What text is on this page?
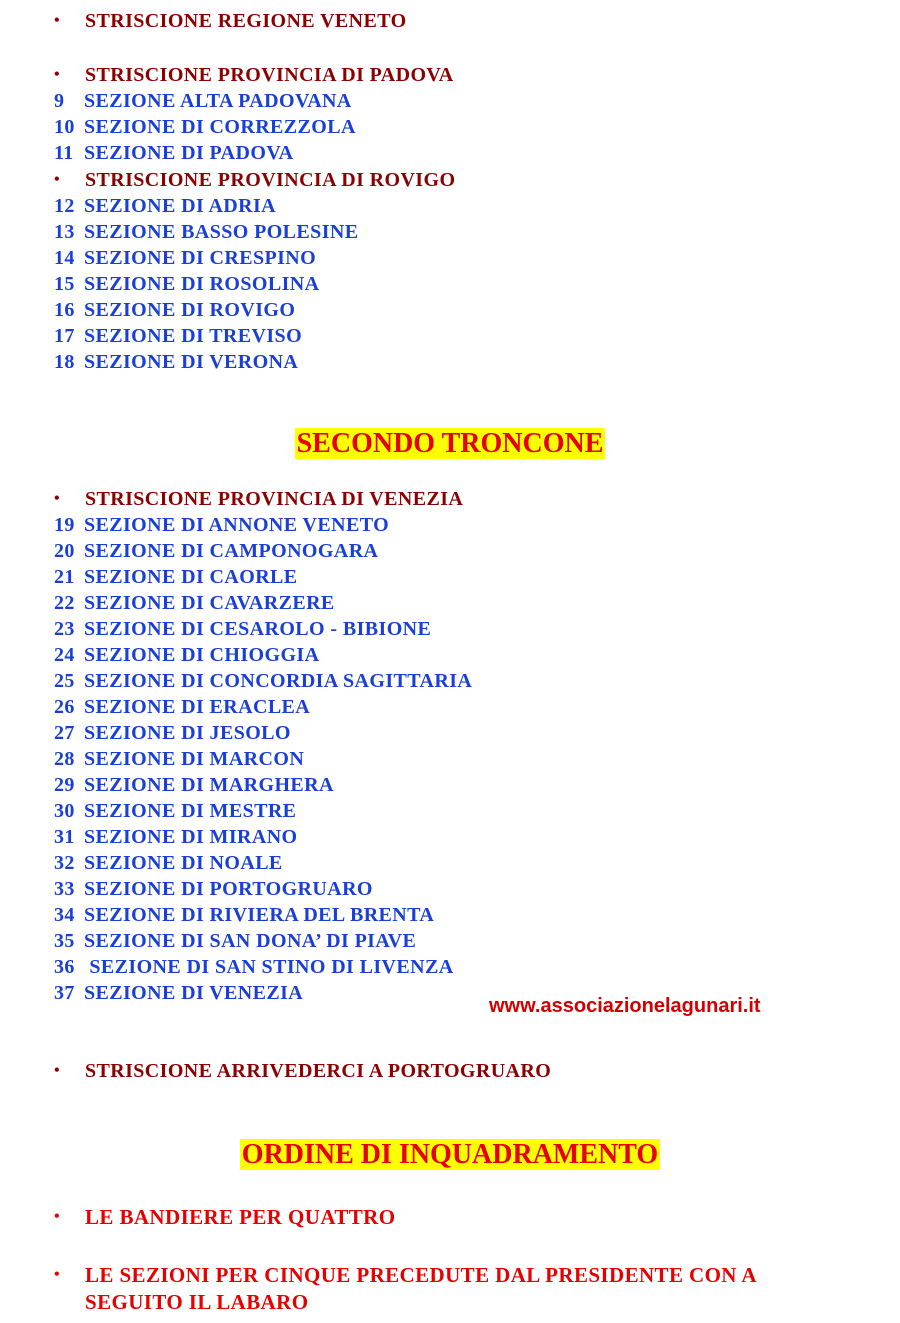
•	STRISCIONE REGIONE VENETO
•	STRISCIONE PROVINCIA DI PADOVA
9 SEZIONE ALTA PADOVANA
10 SEZIONE DI CORREZZOLA
11 SEZIONE DI PADOVA
•	STRISCIONE PROVINCIA DI ROVIGO
12 SEZIONE DI ADRIA
13 SEZIONE BASSO POLESINE
14 SEZIONE DI CRESPINO
15 SEZIONE DI ROSOLINA
16 SEZIONE DI ROVIGO
17 SEZIONE DI TREVISO
18 SEZIONE DI VERONA
SECONDO TRONCONE
•	STRISCIONE PROVINCIA DI VENEZIA
19 SEZIONE DI ANNONE VENETO
20 SEZIONE DI CAMPONOGARA
21 SEZIONE DI CAORLE
22 SEZIONE DI CAVARZERE
23 SEZIONE DI CESAROLO - BIBIONE
24 SEZIONE DI CHIOGGIA
25 SEZIONE DI CONCORDIA SAGITTARIA
26 SEZIONE DI ERACLEA
27 SEZIONE DI JESOLO
28 SEZIONE DI MARCON
29 SEZIONE DI MARGHERA
30 SEZIONE DI MESTRE
31 SEZIONE DI MIRANO
32 SEZIONE DI NOALE
33 SEZIONE DI PORTOGRUARO
34 SEZIONE DI RIVIERA DEL BRENTA
35 SEZIONE DI SAN DONA’ DI PIAVE
36 SEZIONE DI SAN STINO DI LIVENZA
37 SEZIONE DI VENEZIA
www.associazionelagunari.it
•	STRISCIONE ARRIVEDERCI A PORTOGRUARO
ORDINE DI INQUADRAMENTO
•	LE BANDIERE PER QUATTRO
•	LE SEZIONI PER CINQUE PRECEDUTE DAL PRESIDENTE CON A
SEGUITO IL LABARO
